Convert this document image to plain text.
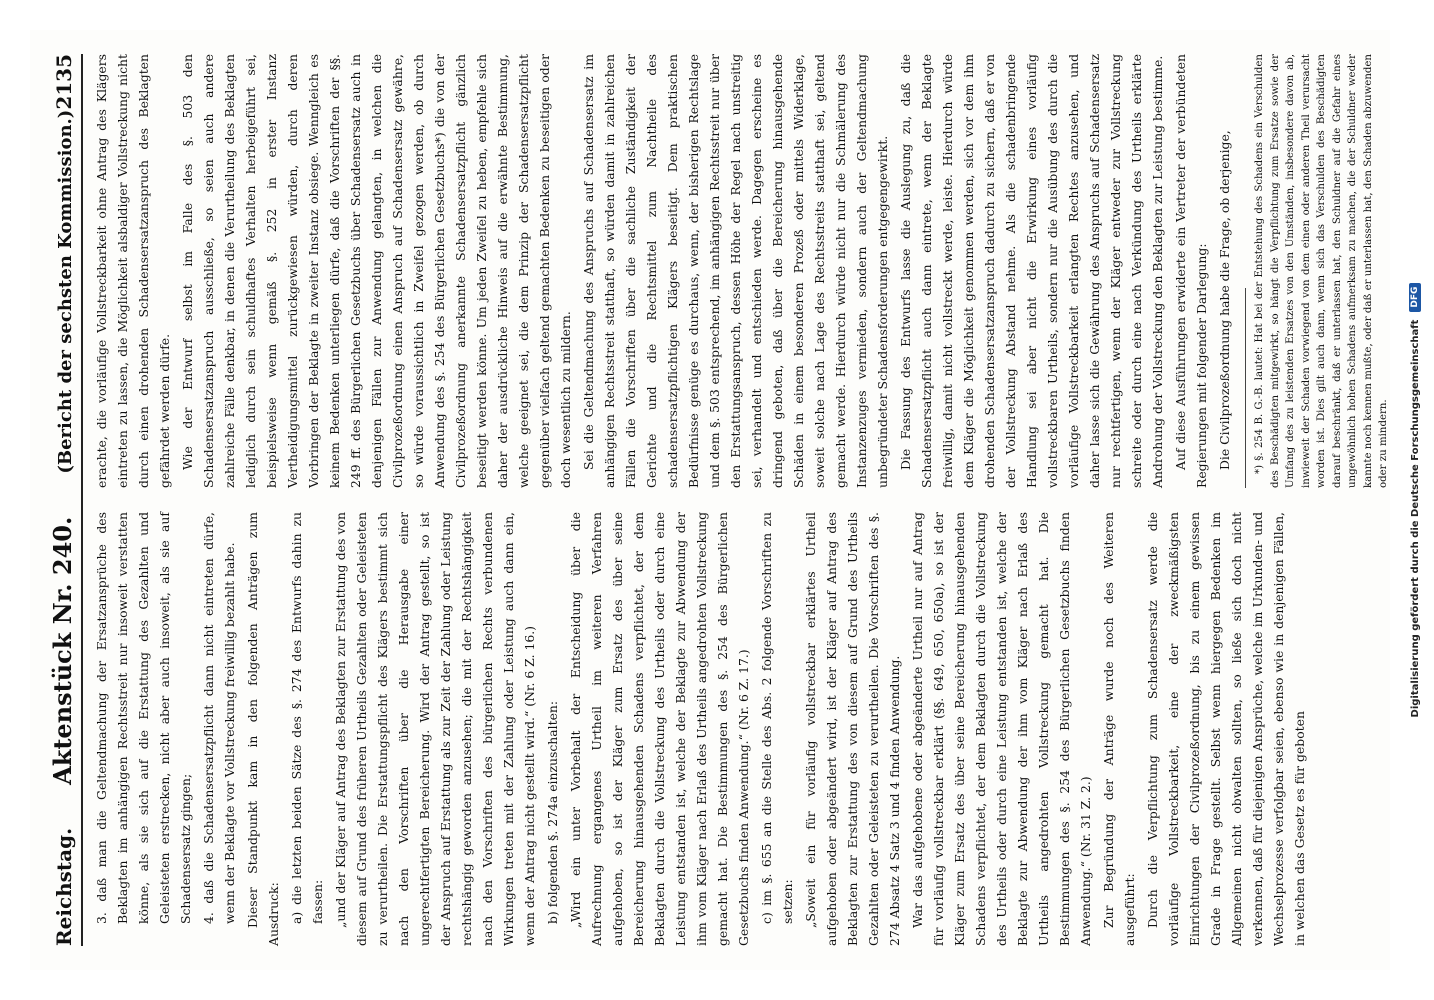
Reichstag.
Aktenstück Nr. 240.
(Bericht der sechsten Kommission.)
2135

3. daß man die Geltendmachung der Ersatzansprüche des Beklagten im anhängigen Rechtsstreit nur insoweit verstatten könne, als sie sich auf die Erstattung des Gezahlten und Geleisteten erstrecken, nicht aber auch insoweit, als sie auf Schadensersatz gingen; 4. daß die Schadensersatzpflicht dann nicht eintreten dürfe, wenn der Beklagte vor Vollstreckung freiwillig bezahlt habe. Dieser Standpunkt kam in den folgenden Anträgen zum Ausdruck: a) die letzten beiden Sätze des §. 274 des Entwurfs dahin zu fassen: „und der Kläger auf Antrag des Beklagten zur Erstattung des von diesem auf Grund des früheren Urtheils Gezahlten oder Geleisteten zu verurtheilen. Die Erstattungspflicht des Klägers bestimmt sich nach den Vorschriften über die Herausgabe einer ungerechtfertigten Bereicherung. Wird der Antrag gestellt, so ist der Anspruch auf Erstattung als zur Zeit der Zahlung oder Leistung rechtshängig geworden anzusehen; die mit der Rechtshängigkeit nach den Vorschriften des bürgerlichen Rechts verbundenen Wirkungen treten mit der Zahlung oder Leistung auch dann ein, wenn der Antrag nicht gestellt wird.“ (Nr. 6 Z. 16.) b) folgenden §. 274a einzuschalten: „Wird ein unter Vorbehalt der Entscheidung über die Aufrechnung ergangenes Urtheil im weiteren Verfahren aufgehoben, so ist der Kläger zum Ersatz des über seine Bereicherung hinausgehenden Schadens verpflichtet, der dem Beklagten durch die Vollstreckung des Urtheils oder durch eine Leistung entstanden ist, welche der Beklagte zur Abwendung der ihm vom Kläger nach Erlaß des Urtheils angedrohten Vollstreckung gemacht hat. Die Bestimmungen des §. 254 des Bürgerlichen Gesetzbuchs finden Anwendung.“ (Nr. 6 Z. 17.) c) im §. 655 an die Stelle des Abs. 2 folgende Vorschriften zu setzen: „Soweit ein für vorläufig vollstreckbar erklärtes Urtheil aufgehoben oder abgeändert wird, ist der Kläger auf Antrag des Beklagten zur Erstattung des von diesem auf Grund des Urtheils Gezahlten oder Geleisteten zu verurtheilen. Die Vorschriften des §. 274 Absatz 4 Satz 3 und 4 finden Anwendung. War das aufgehobene oder abgeänderte Urtheil nur auf Antrag für vorläufig vollstreckbar erklärt (§§. 649, 650, 650a), so ist der Kläger zum Ersatz des über seine Bereicherung hinausgehenden Schadens verpflichtet, der dem Beklagten durch die Vollstreckung des Urtheils oder durch eine Leistung entstanden ist, welche der Beklagte zur Abwendung der ihm vom Kläger nach Erlaß des Urtheils angedrohten Vollstreckung gemacht hat. Die Bestimmungen des §. 254 des Bürgerlichen Gesetzbuchs finden Anwendung.“ (Nr. 31 Z. 2.) Zur Begründung der Anträge wurde noch des Weiteren ausgeführt: Durch die Verpflichtung zum Schadensersatz werde die vorläufige Vollstreckbarkeit, eine der zweckmäßigsten Einrichtungen der Civilprozeßordnung, bis zu einem gewissen Grade in Frage gestellt. Selbst wenn hiergegen Bedenken im Allgemeinen nicht obwalten sollten, so ließe sich doch nicht verkennen, daß für diejenigen Ansprüche, welche im Urkunden- und Wechselprozesse verfolgbar seien, ebenso wie in denjenigen Fällen, in welchen das Gesetz es für geboten

erachte, die vorläufige Vollstreckbarkeit ohne Antrag des Klägers eintreten zu lassen, die Möglichkeit alsbaldiger Vollstreckung nicht durch einen drohenden Schadensersatzanspruch des Beklagten gefährdet werden dürfe. Wie der Entwurf selbst im Falle des §. 503 den Schadensersatzanspruch ausschließe, so seien auch andere zahlreiche Fälle denkbar, in denen die Verurtheilung des Beklagten lediglich durch sein schuldhaftes Verhalten herbeigeführt sei, beispielsweise wenn gemäß §. 252 in erster Instanz Vertheidigungsmittel zurückgewiesen würden, durch deren Vorbringen der Beklagte in zweiter Instanz obsiege. Wenngleich es keinem Bedenken unterliegen dürfe, daß die Vorschriften der §§. 249 ff. des Bürgerlichen Gesetzbuchs über Schadensersatz auch in denjenigen Fällen zur Anwendung gelangten, in welchen die Civilprozeßordnung einen Anspruch auf Schadensersatz gewähre, so würde voraussichtlich in Zweifel gezogen werden, ob durch Anwendung des §. 254 des Bürgerlichen Gesetzbuchs*) die von der Civilprozeßordnung anerkannte Schadensersatzpflicht gänzlich beseitigt werden könne. Um jeden Zweifel zu heben, empfehle sich daher der ausdrückliche Hinweis auf die erwähnte Bestimmung, welche geeignet sei, die dem Prinzip der Schadensersatzpflicht gegenüber vielfach geltend gemachten Bedenken zu beseitigen oder doch wesentlich zu mildern. Sei die Geltendmachung des Anspruchs auf Schadensersatz im anhängigen Rechtsstreit statthaft, so würden damit in zahlreichen Fällen die Vorschriften über die sachliche Zuständigkeit der Gerichte und die Rechtsmittel zum Nachtheile des schadensersatzpflichtigen Klägers beseitigt. Dem praktischen Bedürfnisse genüge es durchaus, wenn, der bisherigen Rechtslage und dem §. 503 entsprechend, im anhängigen Rechtsstreit nur über den Erstattungsanspruch, dessen Höhe der Regel nach unstreitig sei, verhandelt und entschieden werde. Dagegen erscheine es dringend geboten, daß über die Bereicherung hinausgehende Schäden in einem besonderen Prozeß oder mittels Widerklage, soweit solche nach Lage des Rechtsstreits statthaft sei, geltend gemacht werde. Hierdurch würde nicht nur die Schmälerung des Instanzenzuges vermieden, sondern auch der Geltendmachung unbegründeter Schadensforderungen entgegengewirkt. Die Fassung des Entwurfs lasse die Auslegung zu, daß die Schadensersatzpflicht auch dann eintrete, wenn der Beklagte freiwillig, damit nicht vollstreckt werde, leiste. Hierdurch würde dem Kläger die Möglichkeit genommen werden, sich vor dem ihm drohenden Schadensersatzanspruch dadurch zu sichern, daß er von der Vollstreckung Abstand nehme. Als die schadenbringende Handlung sei aber nicht die Erwirkung eines vorläufig vollstreckbaren Urtheils, sondern nur die Ausübung des durch die vorläufige Vollstreckbarkeit erlangten Rechtes anzusehen, und daher lasse sich die Gewährung des Anspruchs auf Schadensersatz nur rechtfertigen, wenn der Kläger entweder zur Vollstreckung schreite oder durch eine nach Verkündung des Urtheils erklärte Androhung der Vollstreckung den Beklagten zur Leistung bestimme. Auf diese Ausführungen erwiderte ein Vertreter der verbündeten Regierungen mit folgender Darlegung: Die Civilprozeßordnung habe die Frage, ob derjenige, *) §. 254 B. G.-B. lautet: Hat bei der Entstehung des Schadens ein Verschulden des Beschädigten mitgewirkt, so hängt die Verpflichtung zum Ersatze sowie der Umfang des zu leistenden Ersatzes von den Umständen, insbesondere davon ab, inwieweit der Schaden vorwiegend von dem einen oder anderen Theil verursacht worden ist. Dies gilt auch dann, wenn sich das Verschulden des Beschädigten darauf beschränkt, daß er unterlassen hat, den Schuldner auf die Gefahr eines ungewöhnlich hohen Schadens aufmerksam zu machen, die der Schuldner weder kannte noch kennen mußte, oder daß er unterlassen hat, den Schaden abzuwenden oder zu mindern. Digitalisierung gefördert durch die Deutsche Forschungsgemeinschaft
DFG
